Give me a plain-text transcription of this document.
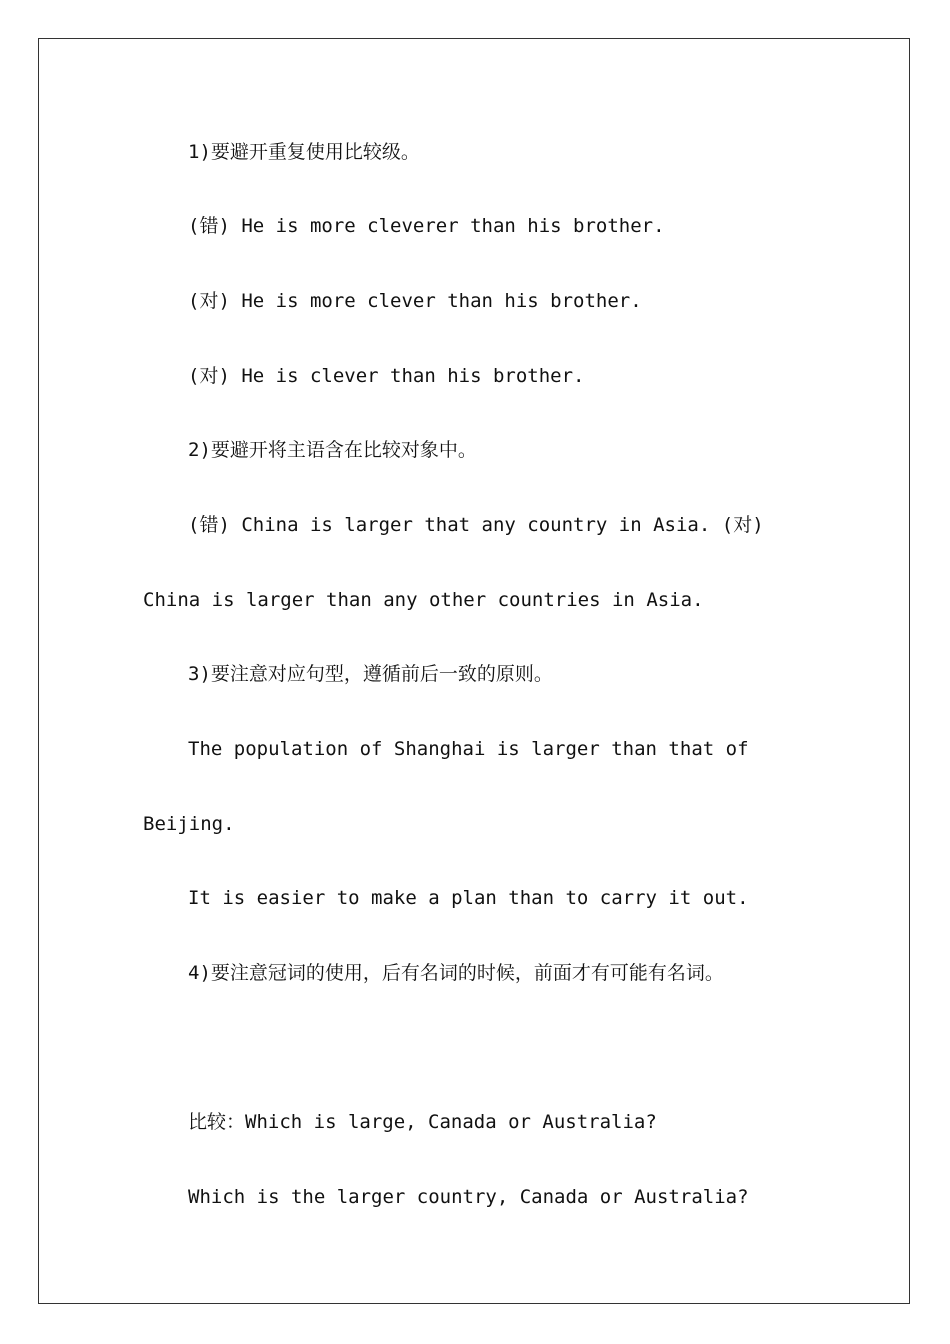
1)要避开重复使用比较级。
(错) He is more cleverer than his brother.
(对) He is more clever than his brother.
(对) He is clever than his brother.
2)要避开将主语含在比较对象中。
(错) China is larger that any country in Asia. (对)
China is larger than any other countries in Asia.
3)要注意对应句型，遵循前后一致的原则。
The population of Shanghai is larger than that of
Beijing.
It is easier to make a plan than to carry it out.
4)要注意冠词的使用，后有名词的时候，前面才有可能有名词。
比较：Which is large, Canada or Australia?
Which is the larger country, Canada or Australia?
